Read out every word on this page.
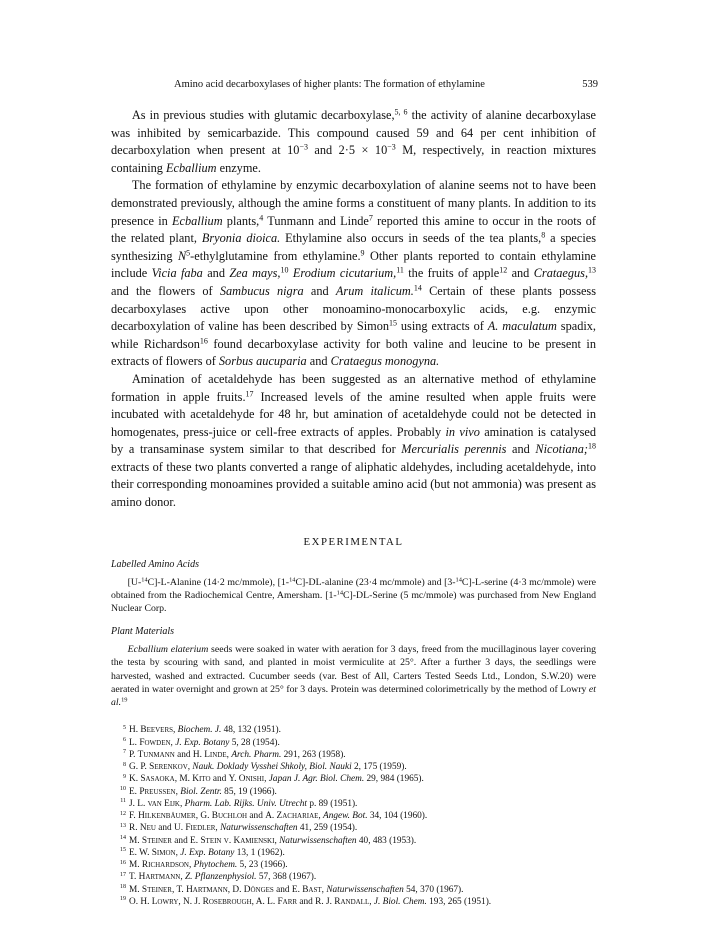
Amino acid decarboxylases of higher plants: The formation of ethylamine	539

As in previous studies with glutamic decarboxylase,$^{5, 6}$ the activity of alanine decarboxylase was inhibited by semicarbazide. This compound caused 59 and 64 per cent inhibition of decarboxylation when present at $10^{-3}$ and $2\cdot 5 \times 10^{-3}$ M, respectively, in reaction mixtures containing Ecballium enzyme.

The formation of ethylamine by enzymic decarboxylation of alanine seems not to have been demonstrated previously, although the amine forms a constituent of many plants. In addition to its presence in Ecballium plants,$^4$ Tunmann and Linde$^7$ reported this amine to occur in the roots of the related plant, Bryonia dioica. Ethylamine also occurs in seeds of the tea plants,$^8$ a species synthesizing $N^5$-ethylglutamine from ethylamine.$^9$ Other plants reported to contain ethylamine include Vicia faba and Zea mays,$^{10}$ Erodium cicutarium,$^{11}$ the fruits of apple$^{12}$ and Crataegus,$^{13}$ and the flowers of Sambucus nigra and Arum italicum.$^{14}$ Certain of these plants possess decarboxylases active upon other monoamino-monocarboxylic acids, e.g. enzymic decarboxylation of valine has been described by Simon$^{15}$ using extracts of A. maculatum spadix, while Richardson$^{16}$ found decarboxylase activity for both valine and leucine to be present in extracts of flowers of Sorbus aucuparia and Crataegus monogyna.

Amination of acetaldehyde has been suggested as an alternative method of ethylamine formation in apple fruits.$^{17}$ Increased levels of the amine resulted when apple fruits were incubated with acetaldehyde for 48 hr, but amination of acetaldehyde could not be detected in homogenates, press-juice or cell-free extracts of apples. Probably in vivo amination is catalysed by a transaminase system similar to that described for Mercurialis perennis and Nicotiana;$^{18}$ extracts of these two plants converted a range of aliphatic aldehydes, including acetaldehyde, into their corresponding monoamines provided a suitable amino acid (but not ammonia) was present as amino donor.

EXPERIMENTAL
Labelled Amino Acids

[U-$^{14}$C]-L-Alanine (14·2 mc/mmole), [1-$^{14}$C]-DL-alanine (23·4 mc/mmole) and [3-$^{14}$C]-L-serine (4·3 mc/mmole) were obtained from the Radiochemical Centre, Amersham. [1-$^{14}$C]-DL-Serine (5 mc/mmole) was purchased from New England Nuclear Corp.

Plant Materials

Ecballium elaterium seeds were soaked in water with aeration for 3 days, freed from the mucillaginous layer covering the testa by scouring with sand, and planted in moist vermiculite at 25°. After a further 3 days, the seedlings were harvested, washed and extracted. Cucumber seeds (var. Best of All, Carters Tested Seeds Ltd., London, S.W.20) were aerated in water overnight and grown at 25° for 3 days. Protein was determined colorimetrically by the method of Lowry et al.$^{19}$

$^5$ H. Beevers, Biochem. J. 48, 132 (1951).
$^6$ L. Fowden, J. Exp. Botany 5, 28 (1954).
$^7$ P. Tunmann and H. Linde, Arch. Pharm. 291, 263 (1958).
$^8$ G. P. Serenkov, Nauk. Doklady Vysshei Shkoly, Biol. Nauki 2, 175 (1959).
$^9$ K. Sasaoka, M. Kito and Y. Onishi, Japan J. Agr. Biol. Chem. 29, 984 (1965).
$^{10}$ E. Preussen, Biol. Zentr. 85, 19 (1966).
$^{11}$ J. L. van Eijk, Pharm. Lab. Rijks. Univ. Utrecht p. 89 (1951).
$^{12}$ F. Hilkenbäumer, G. Buchloh and A. Zachariae, Angew. Bot. 34, 104 (1960).
$^{13}$ R. Neu and U. Fiedler, Naturwissenschaften 41, 259 (1954).
$^{14}$ M. Steiner and E. Stein v. Kamienski, Naturwissenschaften 40, 483 (1953).
$^{15}$ E. W. Simon, J. Exp. Botany 13, 1 (1962).
$^{16}$ M. Richardson, Phytochem. 5, 23 (1966).
$^{17}$ T. Hartmann, Z. Pflanzenphysiol. 57, 368 (1967).
$^{18}$ M. Steiner, T. Hartmann, D. Dönges and E. Bast, Naturwissenschaften 54, 370 (1967).
$^{19}$ O. H. Lowry, N. J. Rosebrough, A. L. Farr and R. J. Randall, J. Biol. Chem. 193, 265 (1951).
